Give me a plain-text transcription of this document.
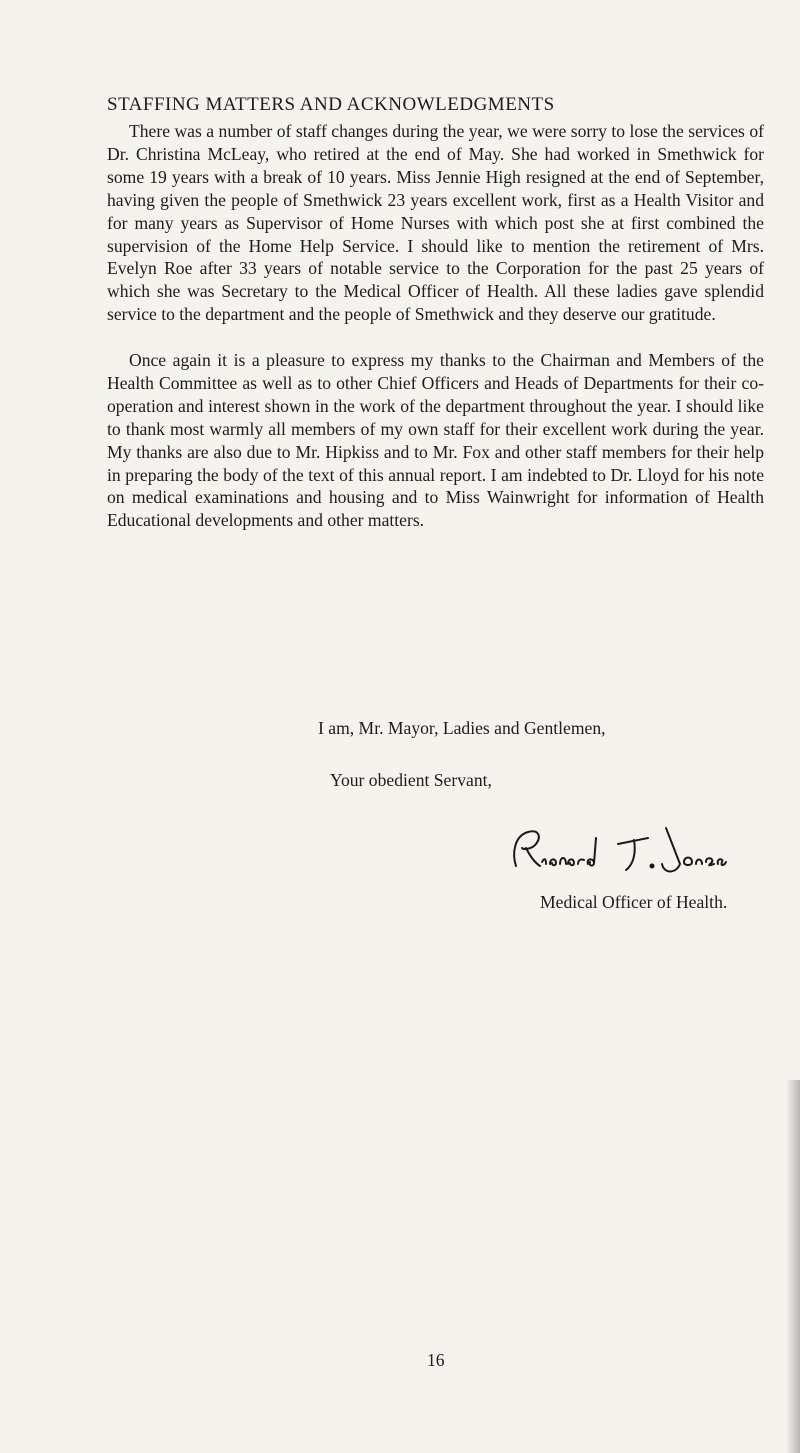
STAFFING MATTERS AND ACKNOWLEDGMENTS

There was a number of staff changes during the year, we were sorry to lose the services of Dr. Christina McLeay, who retired at the end of May. She had worked in Smethwick for some 19 years with a break of 10 years. Miss Jennie High resigned at the end of September, having given the people of Smethwick 23 years excellent work, first as a Health Visitor and for many years as Supervisor of Home Nurses with which post she at first combined the supervision of the Home Help Service. I should like to mention the retirement of Mrs. Evelyn Roe after 33 years of notable service to the Corporation for the past 25 years of which she was Secretary to the Medical Officer of Health. All these ladies gave splendid service to the department and the people of Smethwick and they deserve our gratitude.

Once again it is a pleasure to express my thanks to the Chairman and Members of the Health Committee as well as to other Chief Officers and Heads of Departments for their co-operation and interest shown in the work of the department throughout the year. I should like to thank most warmly all members of my own staff for their excellent work during the year. My thanks are also due to Mr. Hipkiss and to Mr. Fox and other staff members for their help in preparing the body of the text of this annual report. I am indebted to Dr. Lloyd for his note on medical examinations and housing and to Miss Wainwright for information of Health Educational developments and other matters.

I am, Mr. Mayor, Ladies and Gentlemen,

Your obedient Servant,

Medical Officer of Health.

16
